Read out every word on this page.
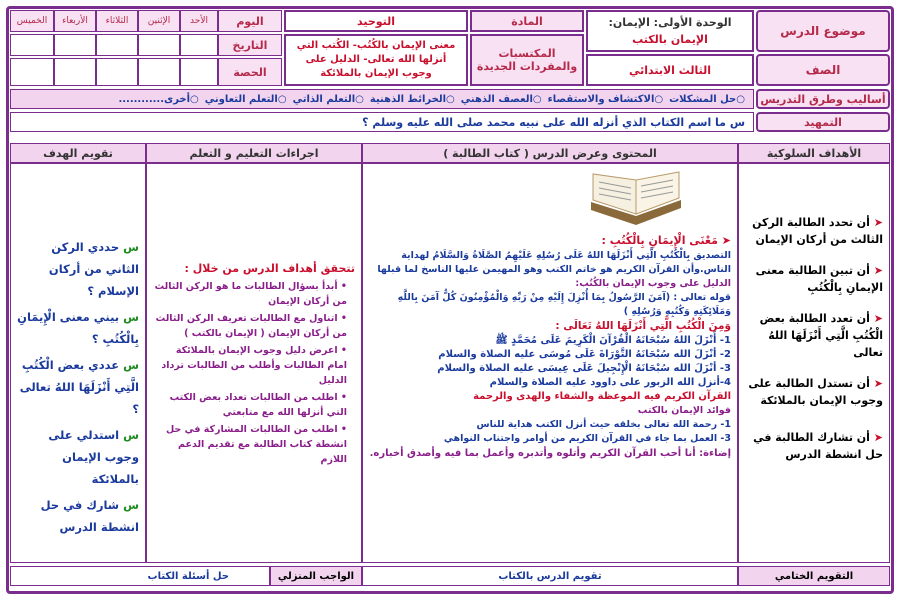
موضوع الدرس
الصف
الوحدة الأولى: الإيمان:
الإيمان بالكتب
الثالث الابتدائي
المادة
المكتسبات والمفردات الجديدة
التوحيد
معنى الإيمان بالكُتُب- الكُتب التي أنزلها الله تعالى- الدليل على وجوب الإيمان بالملائكة
اليوم
التاريخ
الحصة
الأحد
الإثنين
الثلاثاء
الأربعاء
الخميس
أساليب وطرق التدريس
○حل المشكلات
○الاكتشاف والاستقصاء
○العصف الذهني
○الخرائط الذهنية
○التعلم الذاتي
○التعلم التعاوني
○أخرى............
التمهيد
س ما اسم الكتاب الذي أنزله الله على نبيه محمد صلى الله عليه وسلم ؟
الأهداف السلوكية
المحتوى وعرض الدرس ( كتاب الطالبة )
اجراءات التعليم و التعلم
تقويم الهدف

➤ أن تحدد الطالبة الركن الثالث من أركان الإيمان

➤ أن تبين الطالبة معنى الإيمانِ بِالْكُتُبِ

➤ أن تعدد الطالبة بعض الْكُتُبِ الَّتِي أَنْزَلَهَا اللهُ تعالى

➤ أن تستدل الطالبة على وجوب الإيمان بالملائكة

➤ أن تشارك الطالبة في حل انشطة الدرس

➤ مَعْنَى الْإِيمَانِ بِالْكُتُبِ :

التصديق بِالْكُتُبِ الَّتِي أَنْزَلَهَا اللهُ عَلَى رُسُلِهِ عَلَيْهِمُ الصَّلَاةُ وَالسَّلَامُ لهداية الناس.وأن القرآن الكريم هو خاتم الكتب وهو المهيمن عليها الناسخ لما قبلها

الدليل على وجوب الإيمان بالكُتُب:

قوله تعالى : (آمَنَ الرَّسُولُ بِمَا أُنْزِلَ إِلَيْهِ مِنْ رَبِّهِ وَالْمُؤْمِنُونَ كُلٌّ آمَنَ بِاللَّهِ وَمَلَائِكَتِهِ وَكُتُبِهِ وَرُسُلِهِ )

وَمِنَ الْكُتُبِ الَّتِي أَنْزَلَهَا اللهُ تَعَالَى :

1- أَنْزَلَ اللهُ سُبْحَانَهُ الْقُرْآنَ الْكَرِيمَ عَلَى مُحَمَّدٍ ﷺ

2- أنْزَلَ الله سُبْحَانَهُ التَّوْرَاةَ عَلَى مُوسَى عليه الصلاة والسلام

3- أنْزَلَ الله سُبْحَانَهُ الْإِنْجِيلَ عَلَى عِيسَى عليه الصلاة والسلام

4-أنزل الله الزبور على داوود عليه الصلاة والسلام

القرآن الكريم فيه الموعظة والشفاء والهدى والرحمة

فوائد الإيمان بالكتب

1- رحمة الله تعالى بخلقه حيث أنزل الكتب هداية للناس

3- العمل بما جاء في القرآن الكريم من أوامر واجتناب النواهي

إضاءة: أنا أحب القرآن الكريم وأتلوه وأتدبره وأعمل بما فيه وأصدق أخباره.

تتحقق أهداف الدرس من خلال :

• أبدأ بسؤال الطالبات ما هو الركن الثالث من أركان الإيمان
• اتناول مع الطالبات تعريف الركن الثالث من أركان الإيمان ( الإيمان بالكتب )
• اعرض دليل وجوب الإيمان بالملائكة امام الطالبات وأطلب من الطالبات ترداد الدليل
• اطلب من الطالبات تعداد بعض الكتب التي أنزلها الله مع متابعتي
• اطلب من الطالبات المشاركة في حل انشطة كتاب الطالبة مع تقديم الدعم اللازم

س حددي الركن الثاني من أركان الإسلام ؟

س بيني معنى الْإِيمَانِ بِالْكُتُبِ ؟

س عددي بعض الْكُتُبِ الَّتِي أَنْزَلَهَا اللهُ تعالى ؟

س استدلي على وجوب الإيمان بالملائكة

س شارك في حل انشطة الدرس

التقويم الختامي
تقويم الدرس بالكتاب
الواجب المنزلي
حل أسئلة الكتاب
